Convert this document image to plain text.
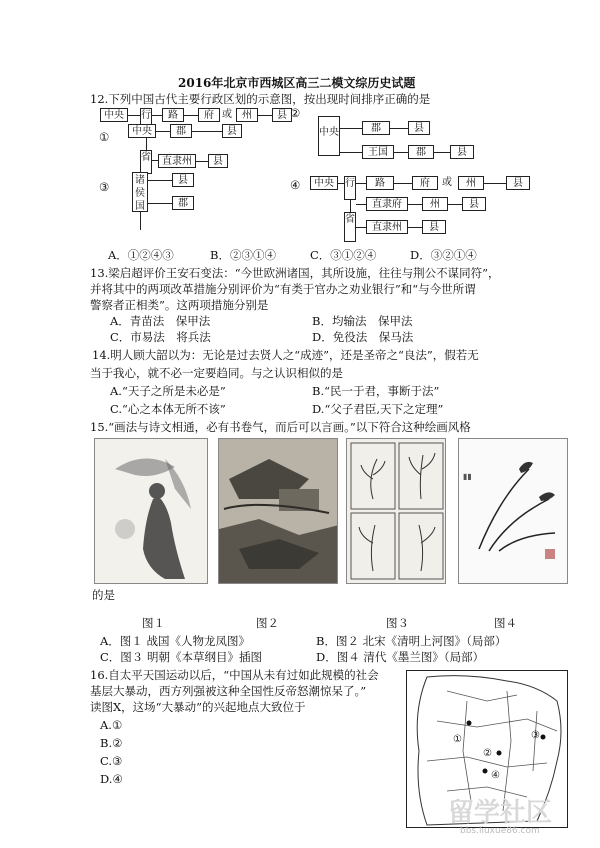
2016年北京市西城区高三二模文综历史试题
12.下列中国古代主要行政区划的示意图，按出现时间排序正确的是
①
中央	行	路	府 或	州	县
中央	郡	县
省	直隶州	县
②
中央	郡	县
王国	郡	县
③	诸侯国
县
郡
④	中央	行	路	府	或	州	县
省
直隶府	州	县
直隶州	县
A．①②④③	B．②③①④	C．③①②④	D．③②①④
13.梁启超评价王安石变法：“今世欧洲诸国，其所设施，往往与荆公不谋同符”，
并将其中的两项改革措施分别评价为“有类于官办之劝业银行”和“与今世所谓
警察者正相类”。这两项措施分别是
A．青苗法　保甲法	B．均输法　保甲法
C．市易法　将兵法	D．免役法　保马法
14.明人顾大韶以为：无论是过去贤人之“成迹”，还是圣帝之“良法”，假若无
当于我心，就不必一定要趋同。与之认识相似的是
A.“天子之所是未必是”	B.“民一于君，事断于法”
C.“心之本体无所不该”	D.“父子君臣,天下之定理”
15.“画法与诗文相通，必有书卷气，而后可以言画。”以下符合这种绘画风格
▮▮
的是
图１	图２	图３	图４
A．图１ 战国《人物龙凤图》	B．图２ 北宋《清明上河图》（局部）
C．图３ 明朝《本草纲目》插图	D．图４ 清代《墨兰图》（局部）
16.自太平天国运动以后，“中国从未有过如此规模的社会
基层大暴动，西方列强被这种全国性反帝怒潮惊呆了。”
读图X，这场“大暴动”的兴起地点大致位于
A.①
B.②
C.③
D.④
①
②
③
④
留学社区
bbs.liuxue86.com
